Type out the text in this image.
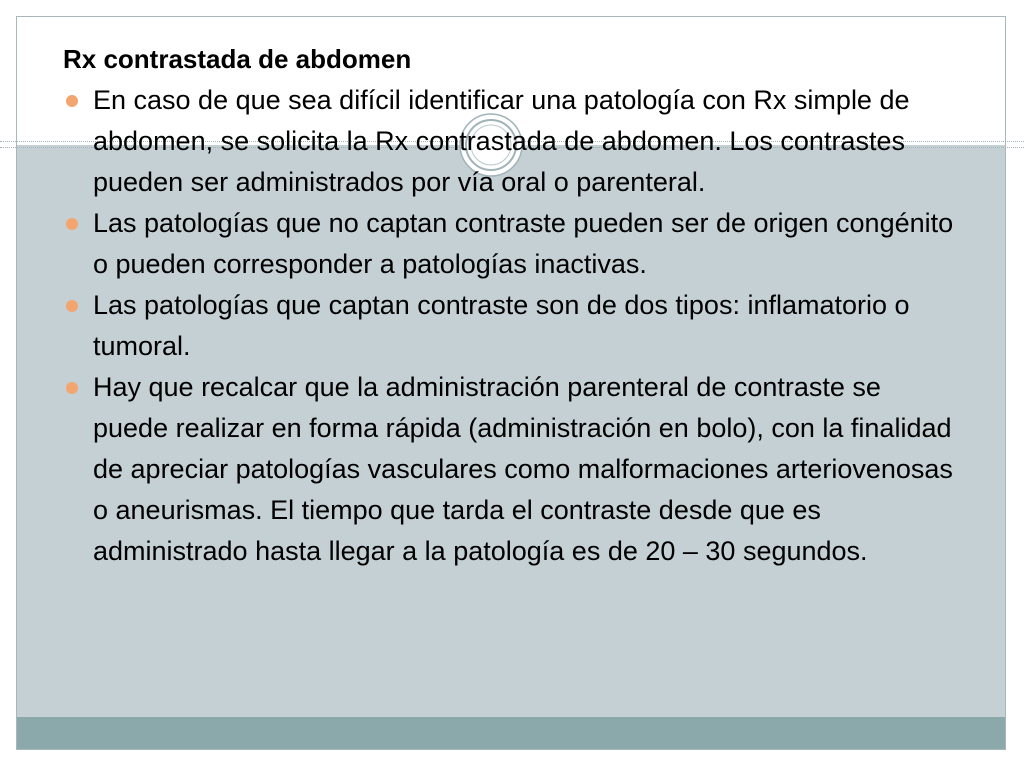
Rx contrastada de abdomen
En caso de que sea difícil identificar una patología con Rx simple de abdomen, se solicita la Rx contrastada de abdomen. Los contrastes pueden ser administrados por vía oral o parenteral.
Las patologías que no captan contraste pueden ser de origen congénito o pueden corresponder a patologías inactivas.
Las patologías que captan contraste son de dos tipos: inflamatorio o tumoral.
Hay que recalcar que la administración parenteral de contraste se puede realizar en forma rápida (administración en bolo), con la finalidad de apreciar patologías vasculares como malformaciones arteriovenosas o aneurismas. El tiempo que tarda el contraste desde que es administrado hasta llegar a la patología es de 20 – 30 segundos.
